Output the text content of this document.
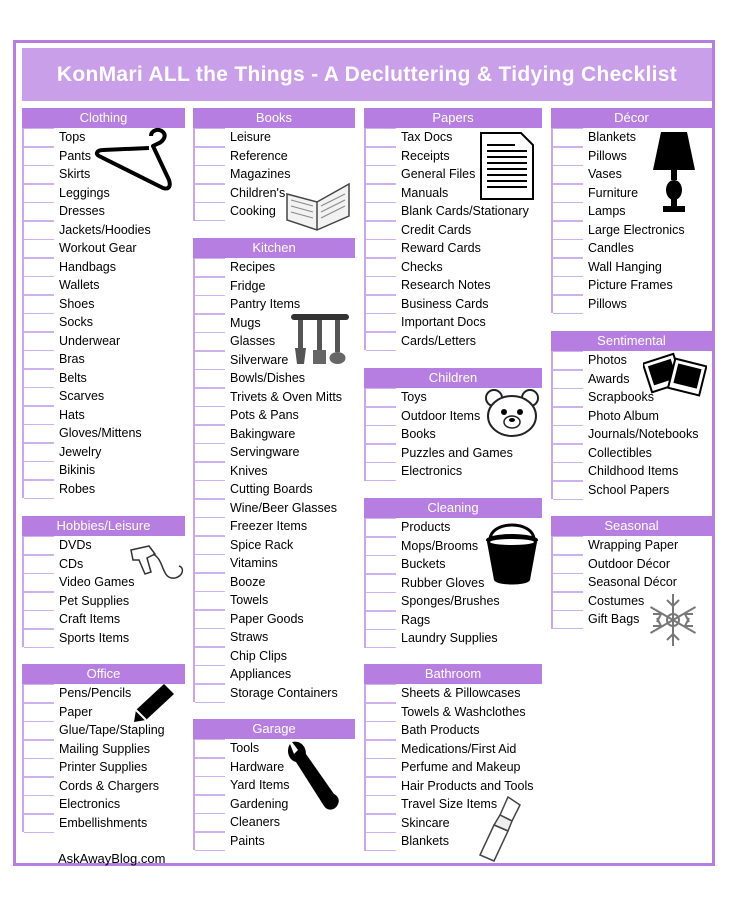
KonMari ALL the Things - A Decluttering & Tidying Checklist
Clothing
Tops
Pants
Skirts
Leggings
Dresses
Jackets/Hoodies
Workout Gear
Handbags
Wallets
Shoes
Socks
Underwear
Bras
Belts
Scarves
Hats
Gloves/Mittens
Jewelry
Bikinis
Robes
Hobbies/Leisure
DVDs
CDs
Video Games
Pet Supplies
Craft Items
Sports Items
Office
Pens/Pencils
Paper
Glue/Tape/Stapling
Mailing Supplies
Printer Supplies
Cords & Chargers
Electronics
Embellishments
Books
Leisure
Reference
Magazines
Children's
Cooking
Kitchen
Recipes
Fridge
Pantry Items
Mugs
Glasses
Silverware
Bowls/Dishes
Trivets & Oven Mitts
Pots & Pans
Bakingware
Servingware
Knives
Cutting Boards
Wine/Beer Glasses
Freezer Items
Spice Rack
Vitamins
Booze
Towels
Paper Goods
Straws
Chip Clips
Appliances
Storage Containers
Garage
Tools
Hardware
Yard Items
Gardening
Cleaners
Paints
Papers
Tax Docs
Receipts
General Files
Manuals
Blank Cards/Stationary
Credit Cards
Reward Cards
Checks
Research Notes
Business Cards
Important Docs
Cards/Letters
Children
Toys
Outdoor Items
Books
Puzzles and Games
Electronics
Cleaning
Products
Mops/Brooms
Buckets
Rubber Gloves
Sponges/Brushes
Rags
Laundry Supplies
Bathroom
Sheets & Pillowcases
Towels & Washclothes
Bath Products
Medications/First Aid
Perfume and Makeup
Hair Products and Tools
Travel Size Items
Skincare
Blankets
Décor
Blankets
Pillows
Vases
Furniture
Lamps
Large Electronics
Candles
Wall Hanging
Picture Frames
Pillows
Sentimental
Photos
Awards
Scrapbooks
Photo Album
Journals/Notebooks
Collectibles
Childhood Items
School Papers
Seasonal
Wrapping Paper
Outdoor Décor
Seasonal Décor
Costumes
Gift Bags
AskAwayBlog.com
